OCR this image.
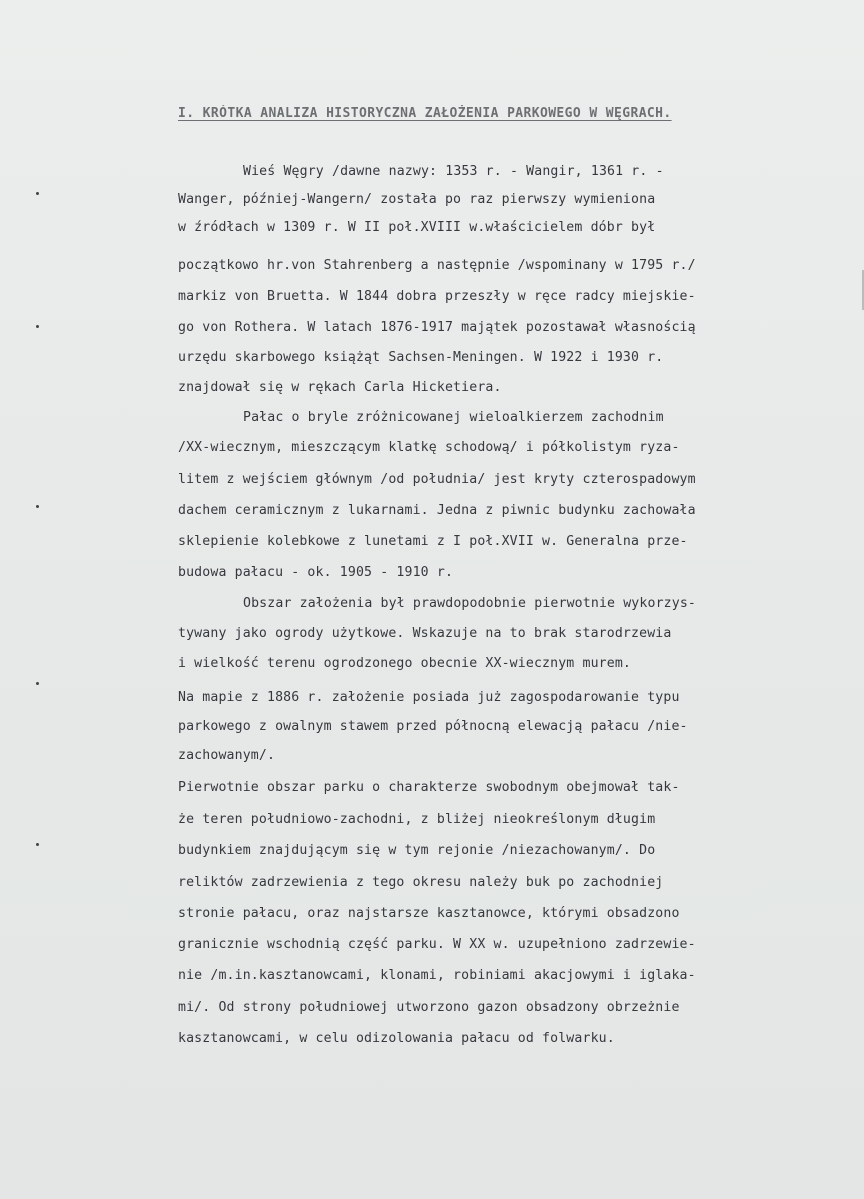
I. KRÓTKA ANALIZA HISTORYCZNA ZAŁOŻENIA PARKOWEGO W WĘGRACH.

Wieś Węgry /dawne nazwy: 1353 r. - Wangir, 1361 r. -

Wanger, później-Wangern/ została po raz pierwszy wymieniona

w źródłach w 1309 r. W II poł.XVIII w.właścicielem dóbr był

początkowo hr.von Stahrenberg a następnie /wspominany w 1795 r./

markiz von Bruetta. W 1844 dobra przeszły w ręce radcy miejskie-

go von Rothera. W latach 1876-1917 majątek pozostawał własnością

urzędu skarbowego książąt Sachsen-Meningen. W 1922 i 1930 r.

znajdował się w rękach Carla Hicketiera.

Pałac o bryle zróżnicowanej wieloalkierzem zachodnim

/XX-wiecznym, mieszczącym klatkę schodową/ i półkolistym ryza-

litem z wejściem głównym /od południa/ jest kryty czterospadowym

dachem ceramicznym z lukarnami. Jedna z piwnic budynku zachowała

sklepienie kolebkowe z lunetami z I poł.XVII w. Generalna prze-

budowa pałacu - ok. 1905 - 1910 r.

Obszar założenia był prawdopodobnie pierwotnie wykorzys-

tywany jako ogrody użytkowe. Wskazuje na to brak starodrzewia

i wielkość terenu ogrodzonego obecnie XX-wiecznym murem.

Na mapie z 1886 r. założenie posiada już zagospodarowanie typu

parkowego z owalnym stawem przed północną elewacją pałacu /nie-

zachowanym/.

Pierwotnie obszar parku o charakterze swobodnym obejmował tak-

że teren południowo-zachodni, z bliżej nieokreślonym długim

budynkiem znajdującym się w tym rejonie /niezachowanym/. Do

reliktów zadrzewienia z tego okresu należy buk po zachodniej

stronie pałacu, oraz najstarsze kasztanowce, którymi obsadzono

granicznie wschodnią część parku. W XX w. uzupełniono zadrzewie-

nie /m.in.kasztanowcami, klonami, robiniami akacjowymi i iglaka-

mi/. Od strony południowej utworzono gazon obsadzony obrzeżnie

kasztanowcami, w celu odizolowania pałacu od folwarku.
